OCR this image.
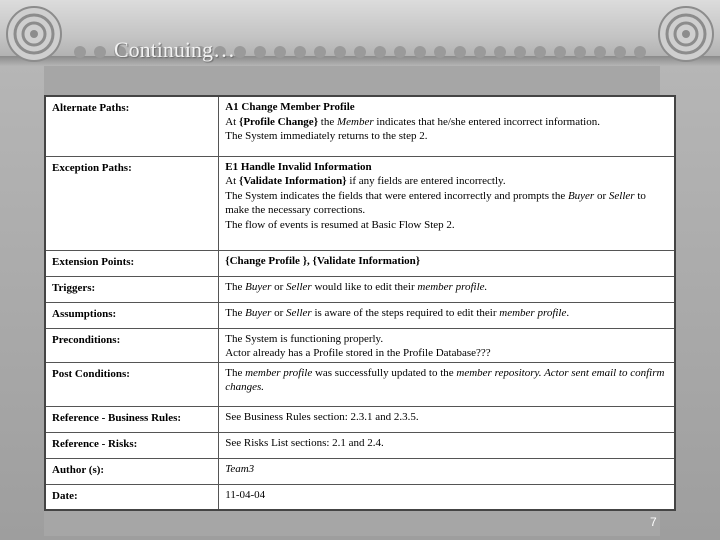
Continuing…
Alternate Paths:	A1 Change Member Profile
At {Profile Change} the Member indicates that he/she entered incorrect information.
The System immediately returns to the step 2.

Exception Paths:	E1 Handle Invalid Information
At {Validate Information} if any fields are entered incorrectly.
The System indicates the fields that were entered incorrectly and prompts the Buyer or Seller to make the necessary corrections.
The flow of events is resumed at Basic Flow Step 2.

Extension Points:	{Change Profile }, {Validate Information}

Triggers:	The Buyer or Seller would like to edit their member profile.

Assumptions:	The Buyer or Seller is aware of the steps required to edit their member profile.

Preconditions:	The System is functioning properly.
Actor already has a Profile stored in the Profile Database???

Post Conditions:	The member profile was successfully updated to the member repository. Actor sent email to confirm changes.

Reference - Business Rules:	See Business Rules section: 2.3.1 and 2.3.5.

Reference - Risks:	See Risks List sections: 2.1 and 2.4.

Author (s):	Team3

Date:	11-04-04
7
